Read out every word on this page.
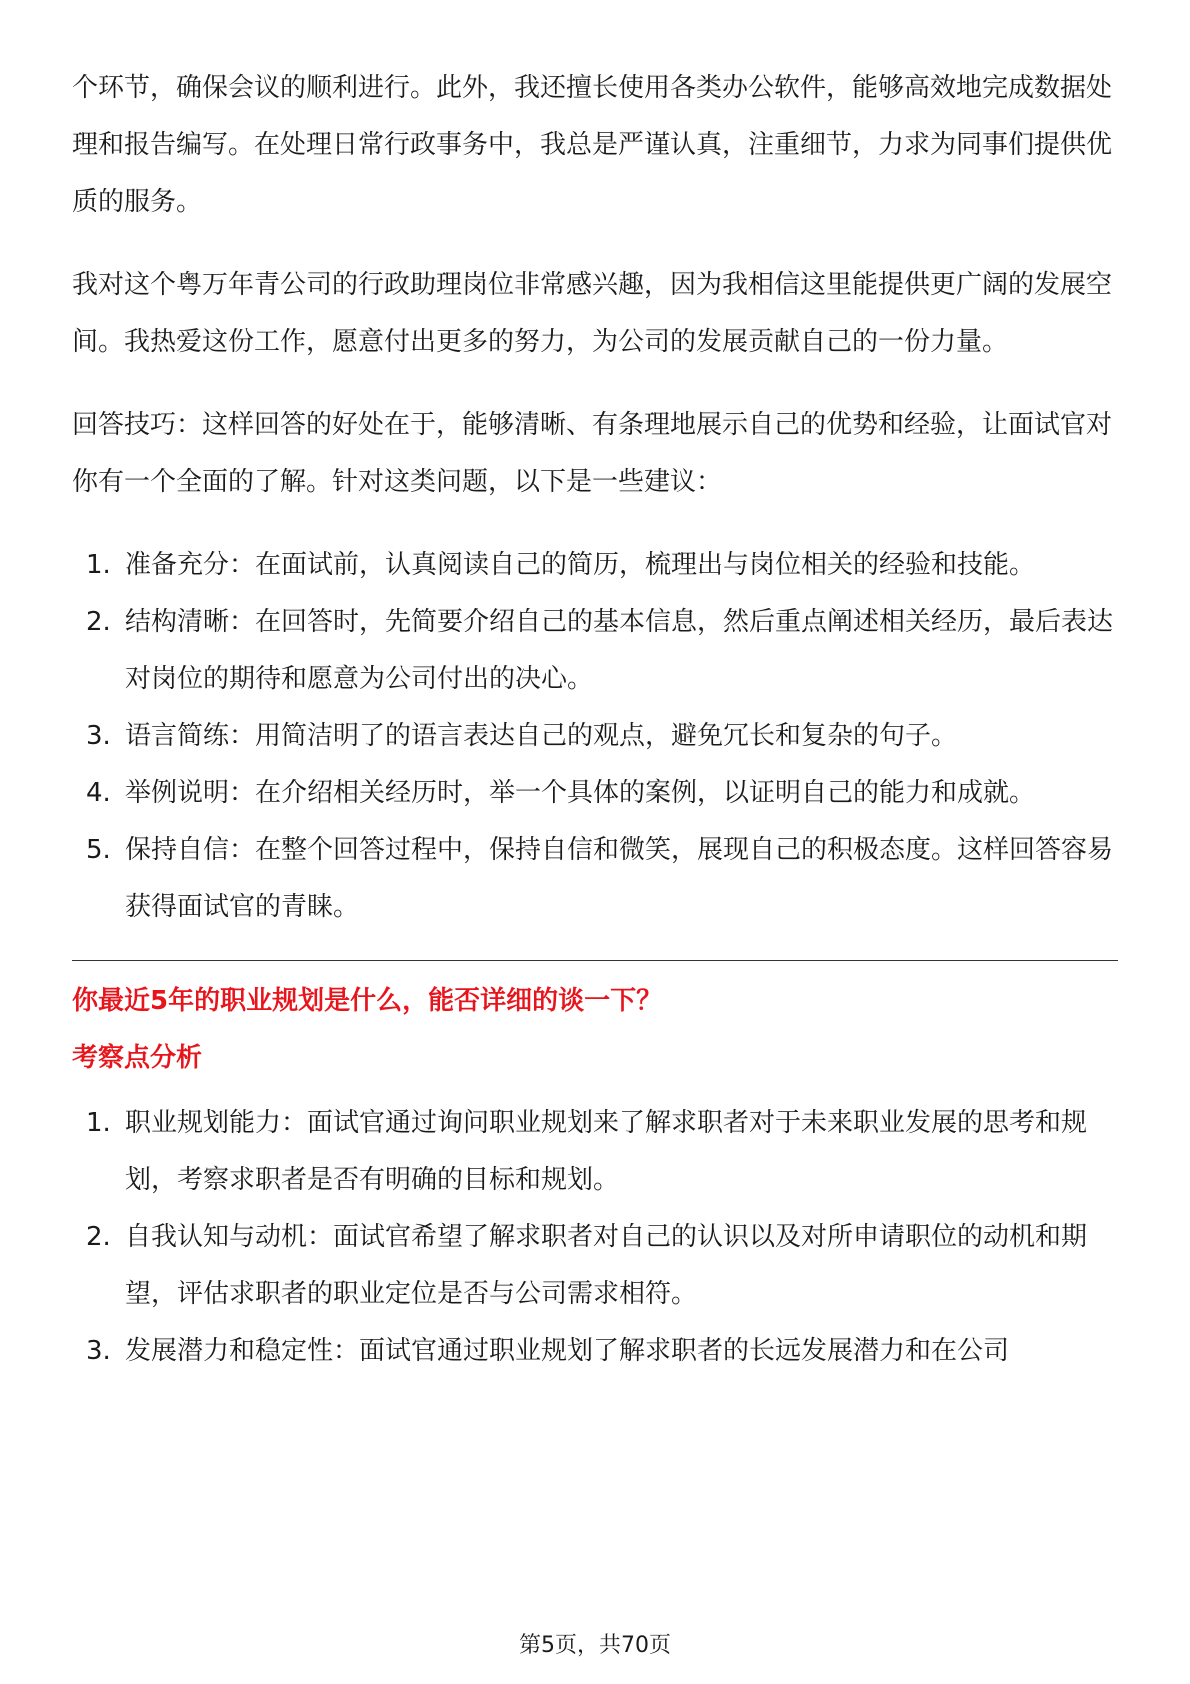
个环节，确保会议的顺利进行。此外，我还擅长使用各类办公软件，能够高效地完成数据处理和报告编写。在处理日常行政事务中，我总是严谨认真，注重细节，力求为同事们提供优质的服务。

我对这个粤万年青公司的行政助理岗位非常感兴趣，因为我相信这里能提供更广阔的发展空间。我热爱这份工作，愿意付出更多的努力，为公司的发展贡献自己的一份力量。

回答技巧：这样回答的好处在于，能够清晰、有条理地展示自己的优势和经验，让面试官对你有一个全面的了解。针对这类问题，以下是一些建议：

1. 准备充分：在面试前，认真阅读自己的简历，梳理出与岗位相关的经验和技能。
2. 结构清晰：在回答时，先简要介绍自己的基本信息，然后重点阐述相关经历，最后表达对岗位的期待和愿意为公司付出的决心。
3. 语言简练：用简洁明了的语言表达自己的观点，避免冗长和复杂的句子。
4. 举例说明：在介绍相关经历时，举一个具体的案例，以证明自己的能力和成就。
5. 保持自信：在整个回答过程中，保持自信和微笑，展现自己的积极态度。这样回答容易获得面试官的青睐。
你最近5年的职业规划是什么，能否详细的谈一下？
考察点分析
1. 职业规划能力：面试官通过询问职业规划来了解求职者对于未来职业发展的思考和规划，考察求职者是否有明确的目标和规划。
2. 自我认知与动机：面试官希望了解求职者对自己的认识以及对所申请职位的动机和期望，评估求职者的职业定位是否与公司需求相符。
3. 发展潜力和稳定性：面试官通过职业规划了解求职者的长远发展潜力和在公司
第5页，共70页
